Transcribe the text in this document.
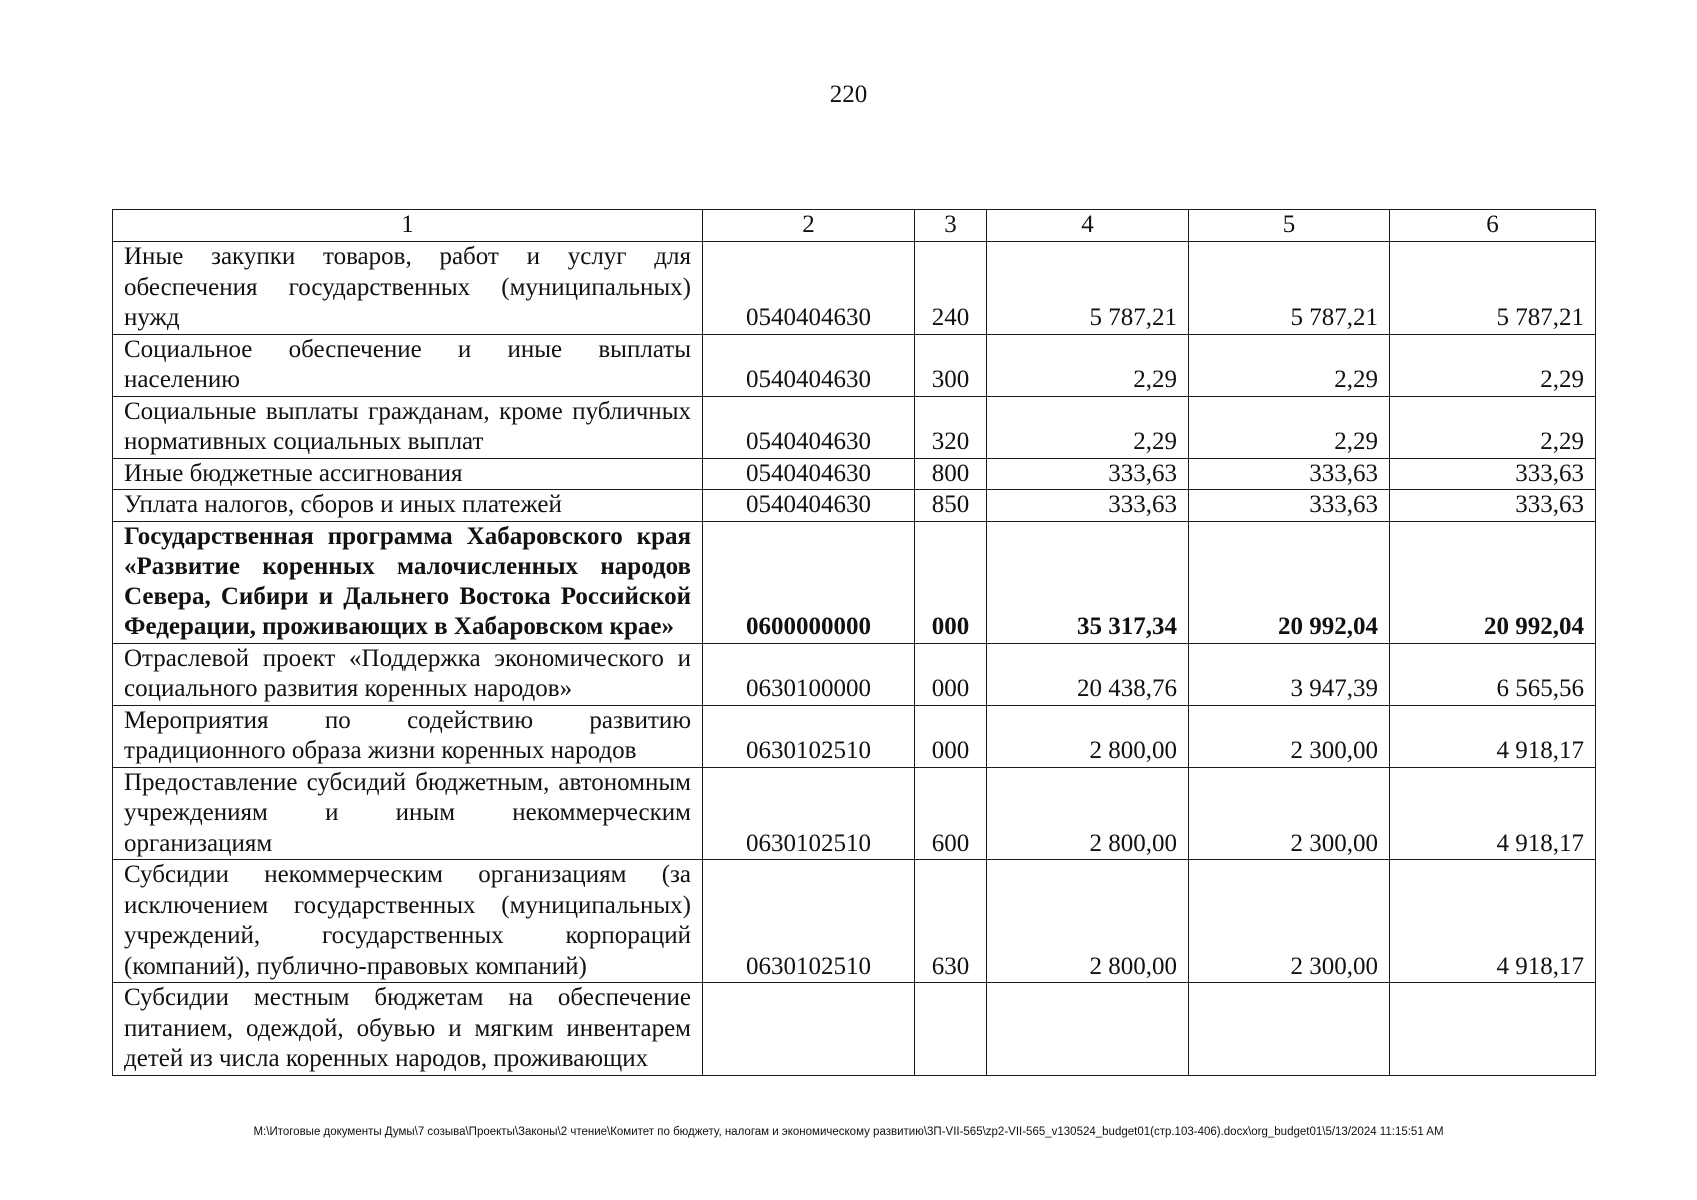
220
1	2	3	4	5	6
Иные закупки товаров, работ и услуг для обеспечения государственных (муниципальных) нужд	0540404630	240	5 787,21	5 787,21	5 787,21
Социальное обеспечение и иные выплаты населению	0540404630	300	2,29	2,29	2,29
Социальные выплаты гражданам, кроме публичных нормативных социальных выплат	0540404630	320	2,29	2,29	2,29
Иные бюджетные ассигнования	0540404630	800	333,63	333,63	333,63
Уплата налогов, сборов и иных платежей	0540404630	850	333,63	333,63	333,63
Государственная программа Хабаровского края «Развитие коренных малочисленных народов Севера, Сибири и Дальнего Востока Российской Федерации, проживающих в Хабаровском крае»	0600000000	000	35 317,34	20 992,04	20 992,04
Отраслевой проект «Поддержка экономического и социального развития коренных народов»	0630100000	000	20 438,76	3 947,39	6 565,56
Мероприятия по содействию развитию традиционного образа жизни коренных народов	0630102510	000	2 800,00	2 300,00	4 918,17
Предоставление субсидий бюджетным, автономным учреждениям и иным некоммерческим организациям	0630102510	600	2 800,00	2 300,00	4 918,17
Субсидии некоммерческим организациям (за исключением государственных (муниципальных) учреждений, государственных корпораций (компаний), публично-правовых компаний)	0630102510	630	2 800,00	2 300,00	4 918,17
Субсидии местным бюджетам на обеспечение питанием, одеждой, обувью и мягким инвентарем детей из числа коренных народов, проживающих					
M:\Итоговые документы Думы\7 созыва\Проекты\Законы\2 чтение\Комитет по бюджету, налогам и экономическому развитию\3П-VII-565\zp2-VII-565_v130524_budget01(стр.103-406).docx\org_budget01\5/13/2024 11:15:51 AM
